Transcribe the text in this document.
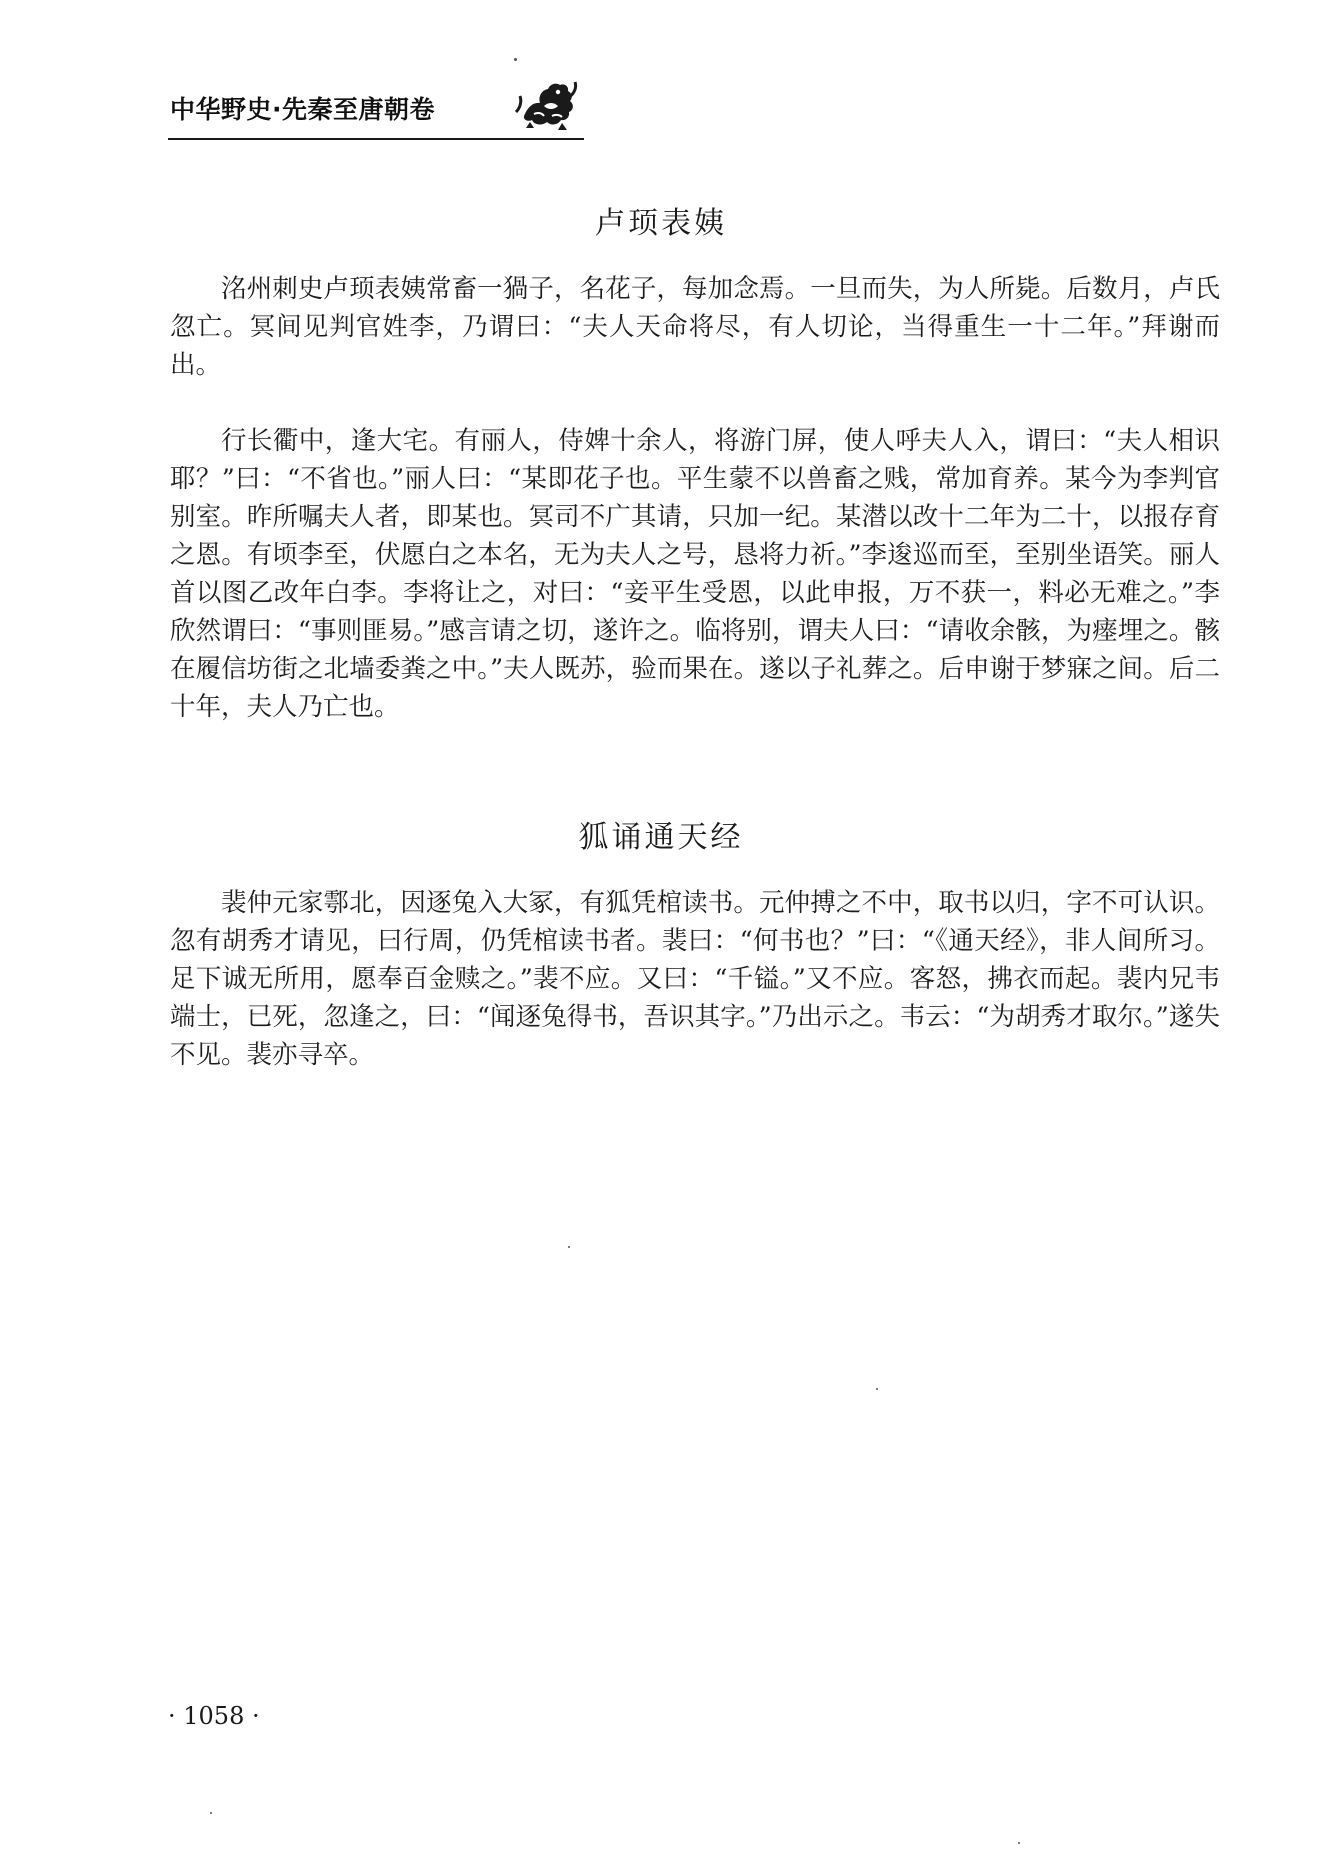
中华野史·先秦至唐朝卷
卢顼表姨

洺州刺史卢顼表姨常畜一猧子，名花子，每加念焉。一旦而失，为人所毙。后数月，卢氏忽亡。冥间见判官姓李，乃谓曰：“夫人天命将尽，有人切论，当得重生一十二年。”拜谢而出。

行长衢中，逢大宅。有丽人，侍婢十余人，将游门屏，使人呼夫人入，谓曰：“夫人相识耶？”曰：“不省也。”丽人曰：“某即花子也。平生蒙不以兽畜之贱，常加育养。某今为李判官别室。昨所嘱夫人者，即某也。冥司不广其请，只加一纪。某潜以改十二年为二十，以报存育之恩。有顷李至，伏愿白之本名，无为夫人之号，恳将力祈。”李逡巡而至，至别坐语笑。丽人首以图乙改年白李。李将让之，对曰：“妾平生受恩，以此申报，万不获一，料必无难之。”李欣然谓曰：“事则匪易。”感言请之切，遂许之。临将别，谓夫人曰：“请收余骸，为瘗埋之。骸在履信坊街之北墙委粪之中。”夫人既苏，验而果在。遂以子礼葬之。后申谢于梦寐之间。后二十年，夫人乃亡也。

狐诵通天经

裴仲元家鄠北，因逐兔入大冢，有狐凭棺读书。元仲搏之不中，取书以归，字不可认识。忽有胡秀才请见，曰行周，仍凭棺读书者。裴曰：“何书也？”曰：“《通天经》，非人间所习。足下诚无所用，愿奉百金赎之。”裴不应。又曰：“千镒。”又不应。客怒，拂衣而起。裴内兄韦端士，已死，忽逢之，曰：“闻逐兔得书，吾识其字。”乃出示之。韦云：“为胡秀才取尔。”遂失不见。裴亦寻卒。

· 1058 ·
